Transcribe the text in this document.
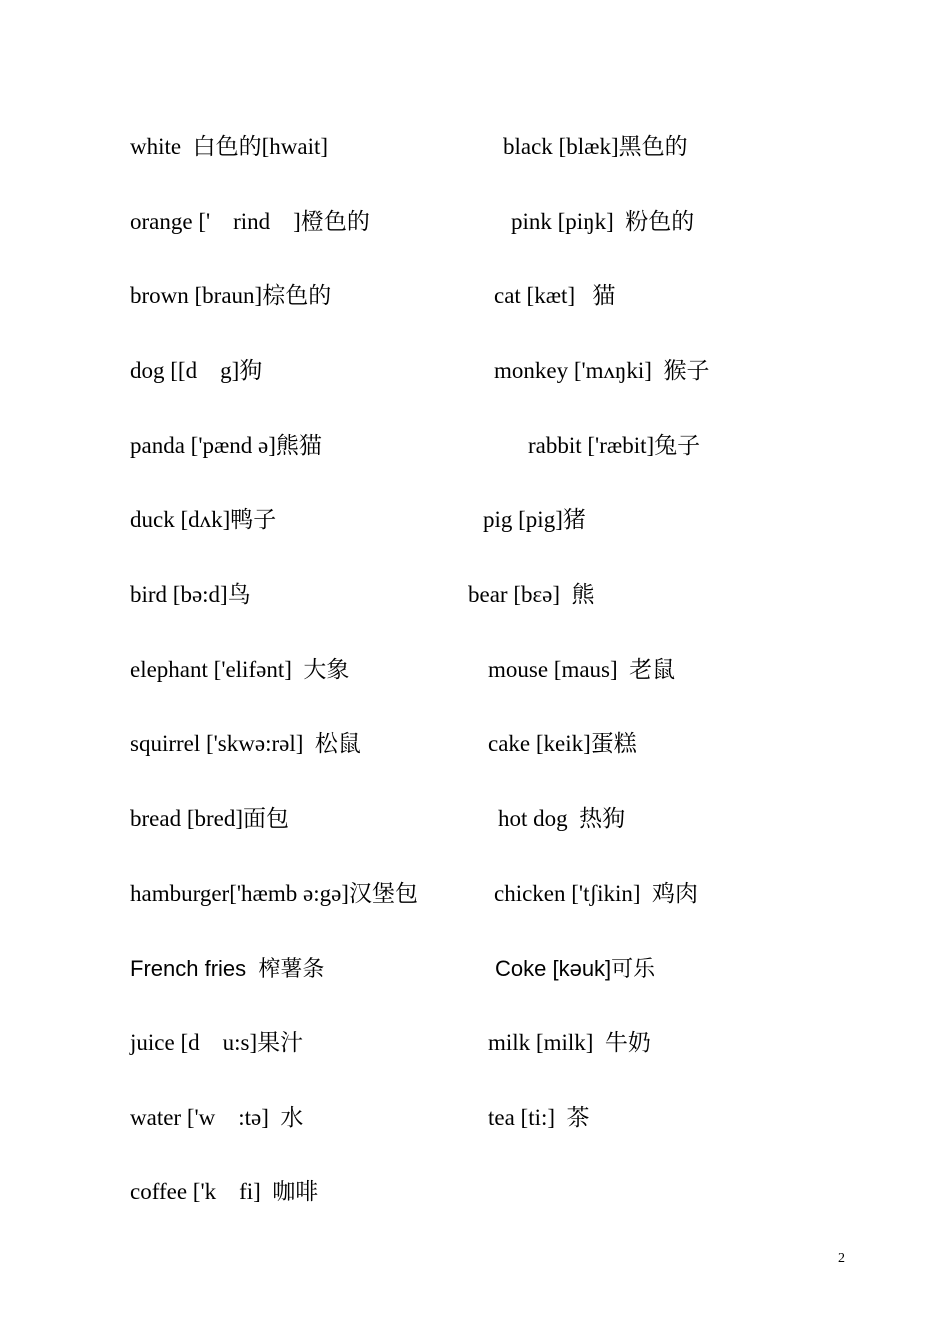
white  白色的[hwait]	black [blæk]黑色的
orange ['    rind    ]橙色的	pink [piŋk]  粉色的
brown [braun]棕色的	cat [kæt]   猫
dog [[d    g]狗	monkey ['mʌŋki]  猴子
panda ['pænd ə]熊猫	rabbit ['ræbit]兔子
duck [dʌk]鸭子	pig [pig]猪
bird [bə:d]鸟	bear [bɛə]  熊
elephant ['elifənt]  大象	mouse [maus]  老鼠
squirrel ['skwə:rəl]  松鼠	cake [keik]蛋糕
bread [bred]面包	hot dog  热狗
hamburger['hæmb ə:gə]汉堡包	chicken ['tʃikin]  鸡肉
French fries  榨薯条	Coke [kəuk]可乐
juice [d    u:s]果汁	milk [milk]  牛奶
water ['w    :tə]  水	tea [ti:]  茶
coffee ['k    fi]  咖啡
2
